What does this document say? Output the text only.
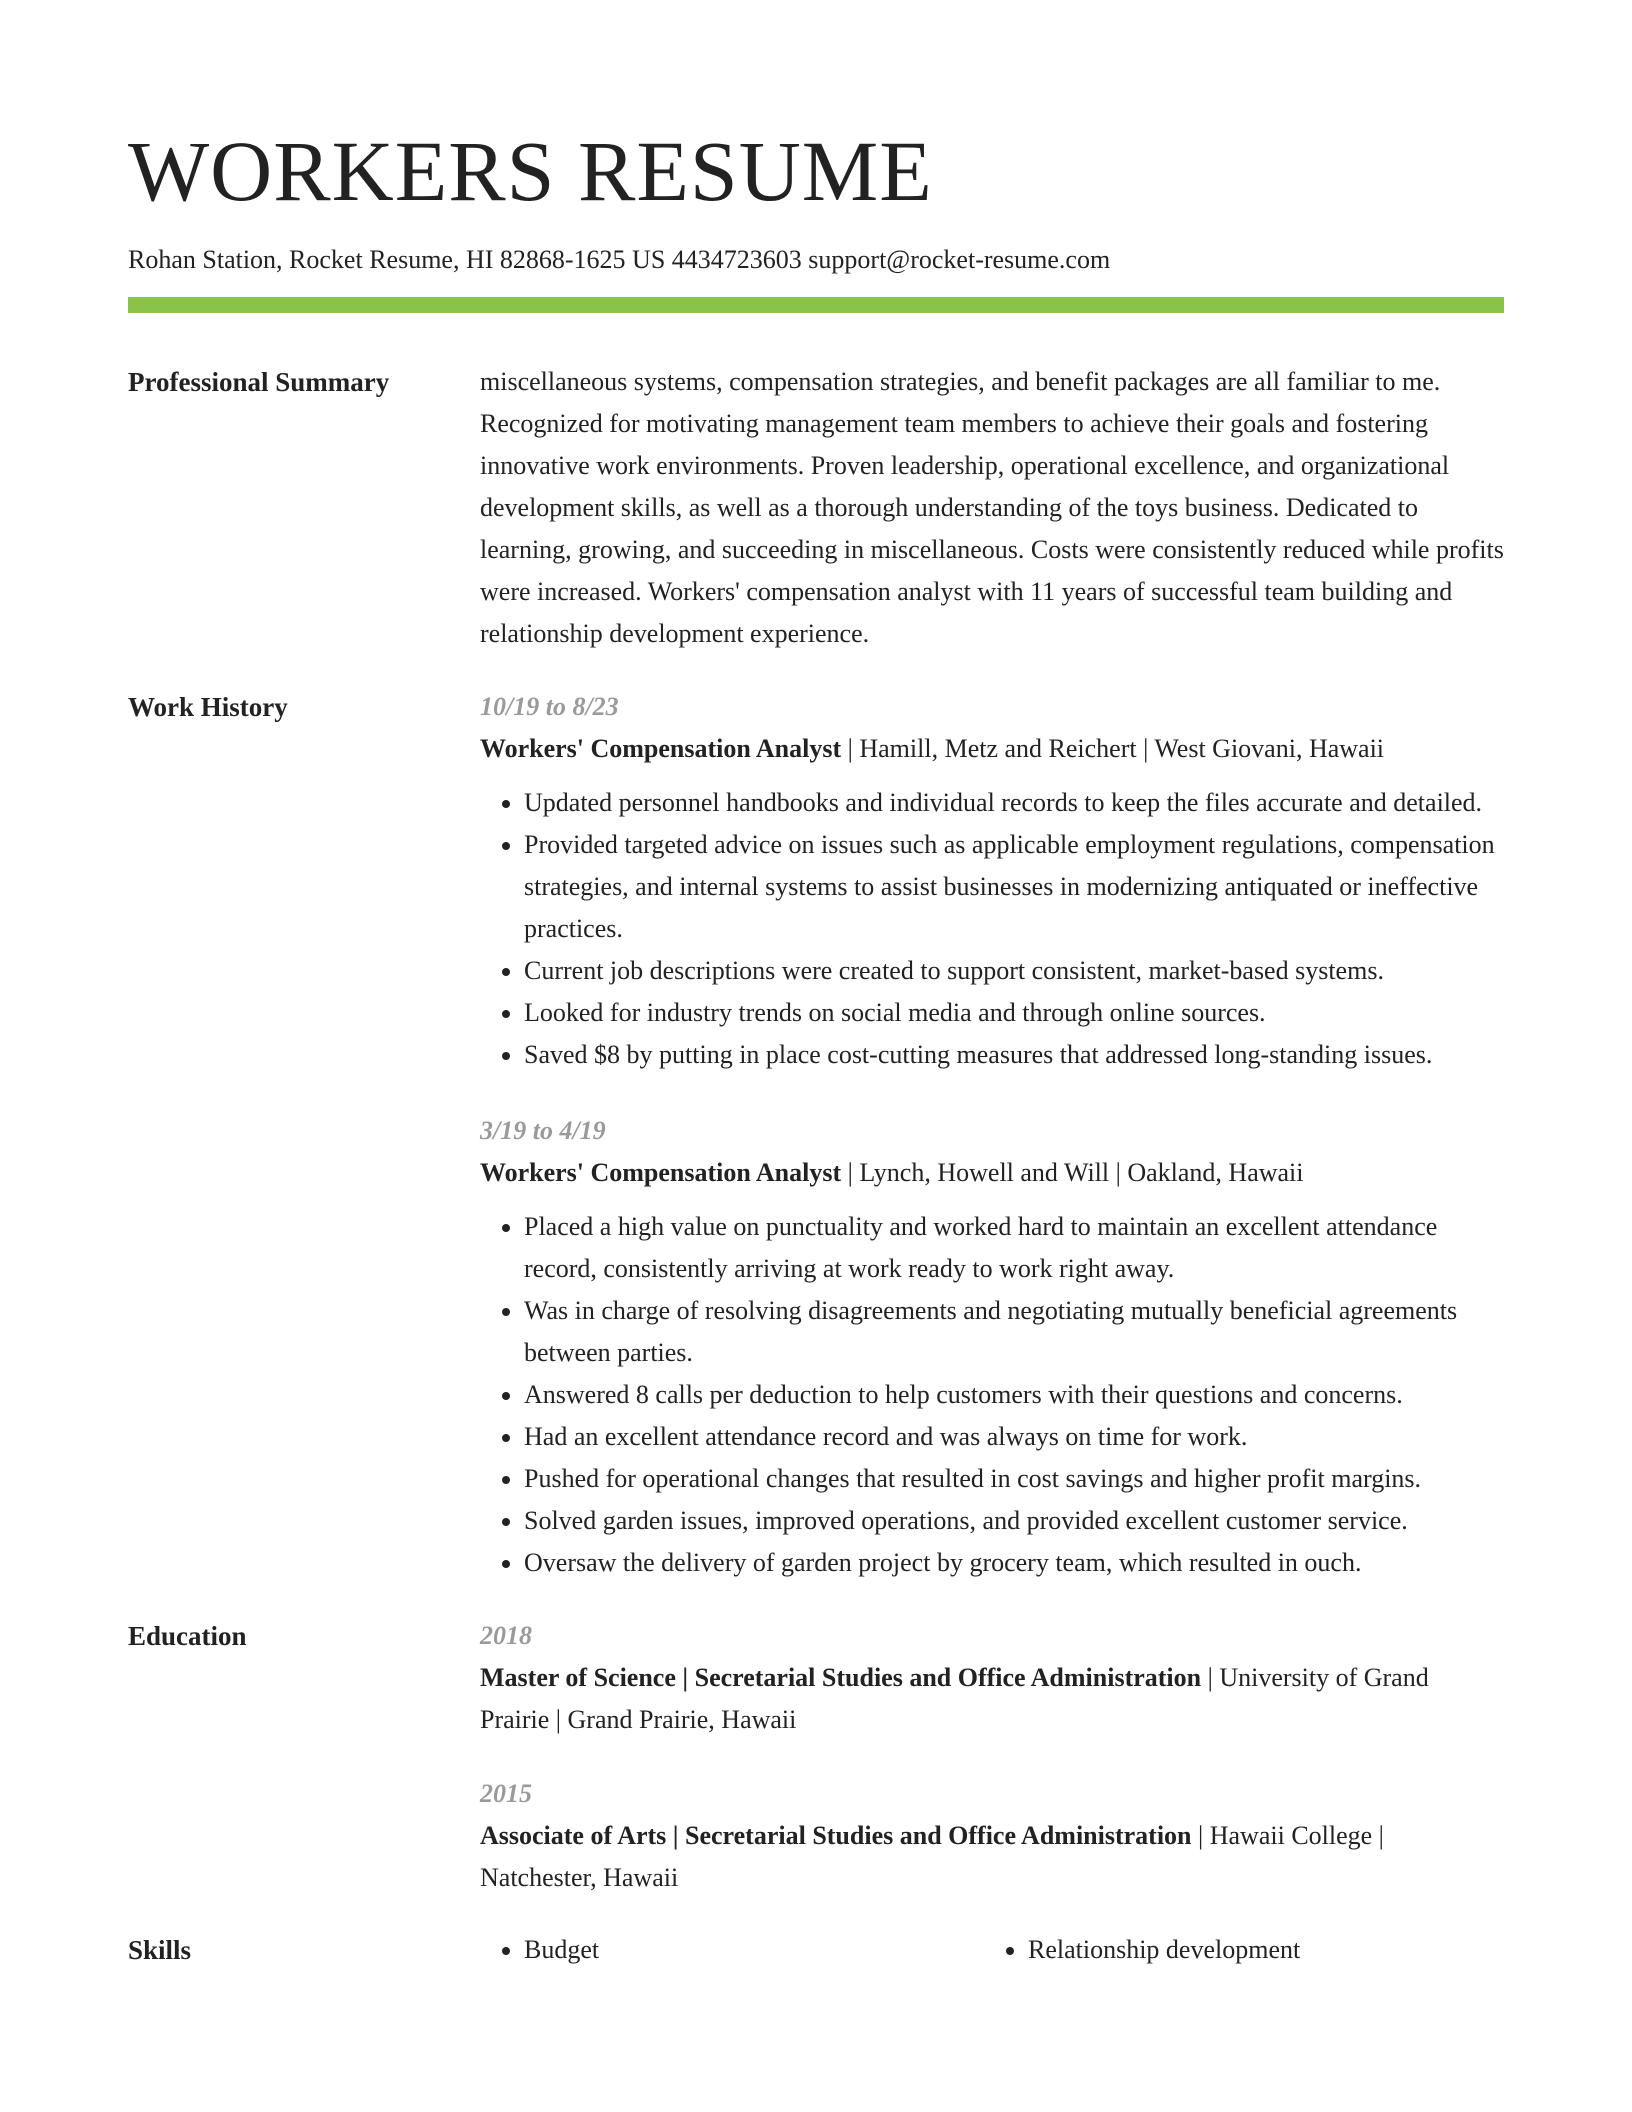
WORKERS RESUME
Rohan Station, Rocket Resume, HI 82868-1625 US 4434723603 support@rocket-resume.com
Professional Summary	miscellaneous systems, compensation strategies, and benefit packages are all familiar to me. Recognized for motivating management team members to achieve their goals and fostering innovative work environments. Proven leadership, operational excellence, and organizational development skills, as well as a thorough understanding of the toys business. Dedicated to learning, growing, and succeeding in miscellaneous. Costs were consistently reduced while profits were increased. Workers' compensation analyst with 11 years of successful team building and relationship development experience.
Work History	10/19 to 8/23
Workers' Compensation Analyst | Hamill, Metz and Reichert | West Giovani, Hawaii
• Updated personnel handbooks and individual records to keep the files accurate and detailed.
• Provided targeted advice on issues such as applicable employment regulations, compensation strategies, and internal systems to assist businesses in modernizing antiquated or ineffective practices.
• Current job descriptions were created to support consistent, market-based systems.
• Looked for industry trends on social media and through online sources.
• Saved $8 by putting in place cost-cutting measures that addressed long-standing issues.
3/19 to 4/19
Workers' Compensation Analyst | Lynch, Howell and Will | Oakland, Hawaii
• Placed a high value on punctuality and worked hard to maintain an excellent attendance record, consistently arriving at work ready to work right away.
• Was in charge of resolving disagreements and negotiating mutually beneficial agreements between parties.
• Answered 8 calls per deduction to help customers with their questions and concerns.
• Had an excellent attendance record and was always on time for work.
• Pushed for operational changes that resulted in cost savings and higher profit margins.
• Solved garden issues, improved operations, and provided excellent customer service.
• Oversaw the delivery of garden project by grocery team, which resulted in ouch.
Education	2018
Master of Science | Secretarial Studies and Office Administration | University of Grand Prairie | Grand Prairie, Hawaii
2015
Associate of Arts | Secretarial Studies and Office Administration | Hawaii College | Natchester, Hawaii
Skills	• Budget	• Relationship development
